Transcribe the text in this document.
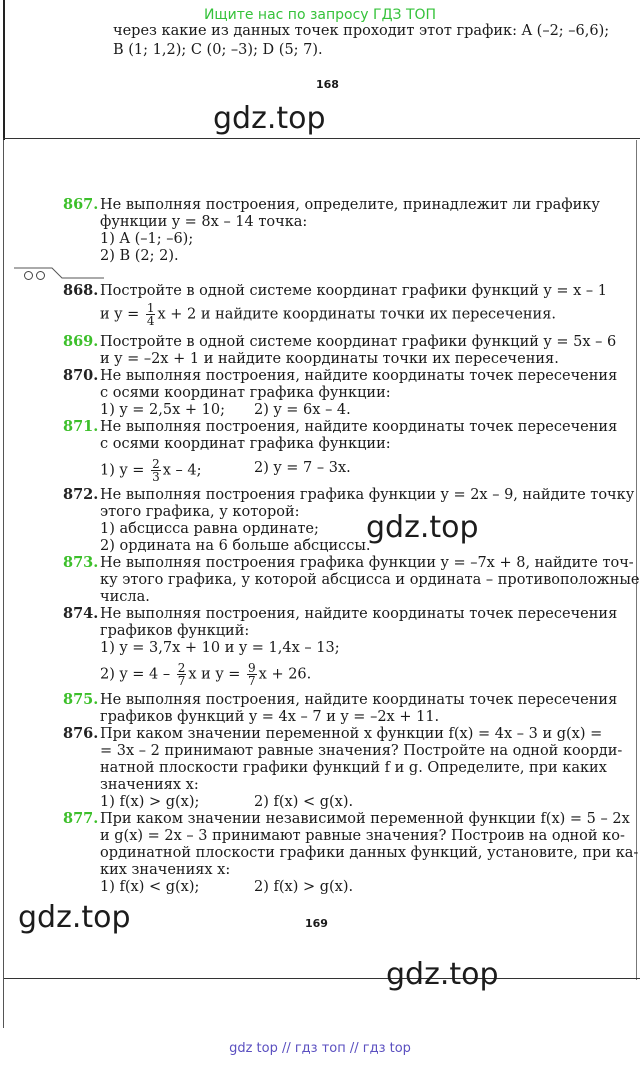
Ищите нас по запросу ГДЗ ТОП
через какие из данных точек проходит этот график: A (–2; –6,6);
B (1; 1,2); C (0; –3); D (5; 7).
168
gdz.top
867. Не выполняя построения, определите, принадлежит ли графику
функции y = 8x – 14 точка:
1) A (–1; –6);
2) B (2; 2).
868. Постройте в одной системе координат графики функций y = x – 1
и $y = \frac{1}{4}$ x + 2 и найдите координаты точки их пересечения.
869. Постройте в одной системе координат графики функций y = 5x – 6
и y = –2x + 1 и найдите координаты точки их пересечения.
870. Не выполняя построения, найдите координаты точек пересечения
с осями координат графика функции:
1) y = 2,5x + 10; 2) y = 6x – 4.
871. Не выполняя построения, найдите координаты точек пересечения
с осями координат графика функции:
1) $y = \frac{2}{3}$ x – 4;	2) y = 7 – 3x.
872. Не выполняя построения графика функции y = 2x – 9, найдите точку
этого графика, у которой:
1) абсцисса равна ординате;
2) ордината на 6 больше абсциссы.
gdz.top
873. Не выполняя построения графика функции y = –7x + 8, найдите точ-
ку этого графика, у которой абсцисса и ордината – противоположные
числа.
874. Не выполняя построения, найдите координаты точек пересечения
графиков функций:
1) y = 3,7x + 10 и y = 1,4x – 13;
2) $y = 4 - \frac{2}{7}$ x и $y = \frac{9}{7}$ x + 26.
875. Не выполняя построения, найдите координаты точек пересечения
графиков функций y = 4x – 7 и y = –2x + 11.
876. При каком значении переменной x функции f(x) = 4x – 3 и g(x) =
= 3x – 2 принимают равные значения? Постройте на одной коорди-
натной плоскости графики функций f и g. Определите, при каких
значениях x:
1) f(x) > g(x);	2) f(x) < g(x).
877. При каком значении независимой переменной функции f(x) = 5 – 2x
и g(x) = 2x – 3 принимают равные значения? Построив на одной ко-
ординатной плоскости графики данных функций, установите, при ка-
ких значениях x:
1) f(x) < g(x);	2) f(x) > g(x).
gdz.top	169
gdz.top
gdz top // гдз топ // гдз top
